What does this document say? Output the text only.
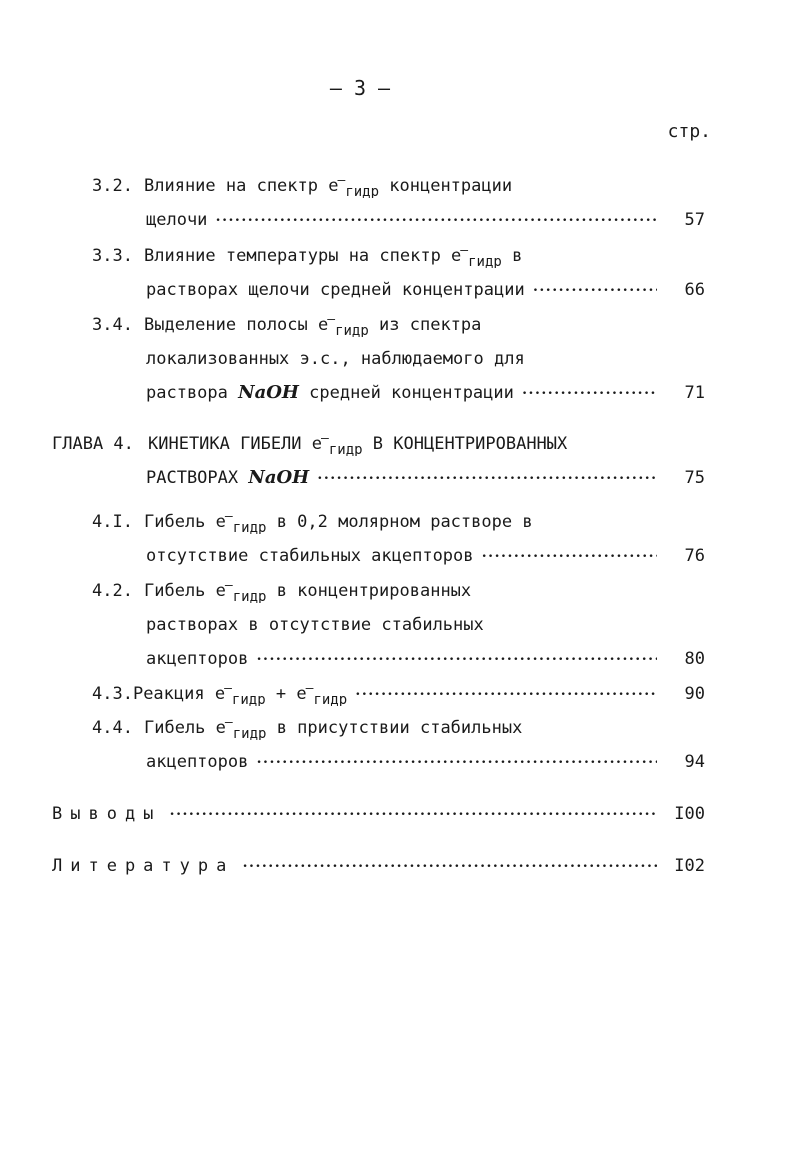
– 3 –
стр.
3.2. Влияние на спектр $e^-_{гидр}$ концентрации
щелочи •••••	57
3.3. Влияние температуры на спектр $e^-_{гидр}$ в
растворах щелочи средней концентрации •••••	66
3.4. Выделение полосы $e^-_{гидр}$ из спектра
локализованных э.с., наблюдаемого для
раствора NaOH средней концентрации •••••	71
ГЛАВА 4. КИНЕТИКА ГИБЕЛИ $e^-_{гидр}$ В КОНЦЕНТРИРОВАННЫХ
РАСТВОРАХ NaOH •••••	75
4.I. Гибель $e^-_{гидр}$ в 0,2 молярном растворе в
отсутствие стабильных акцепторов •••••	76
4.2. Гибель $e^-_{гидр}$ в концентрированных
растворах в отсутствие стабильных
акцепторов •••••	80
4.3. Реакция $e^-_{гидр} + e^-_{гидр}$ •••••	90
4.4. Гибель $e^-_{гидр}$ в присутствии стабильных
акцепторов •••••	94
Выводы •••••	I00
Литература •••••	I02
